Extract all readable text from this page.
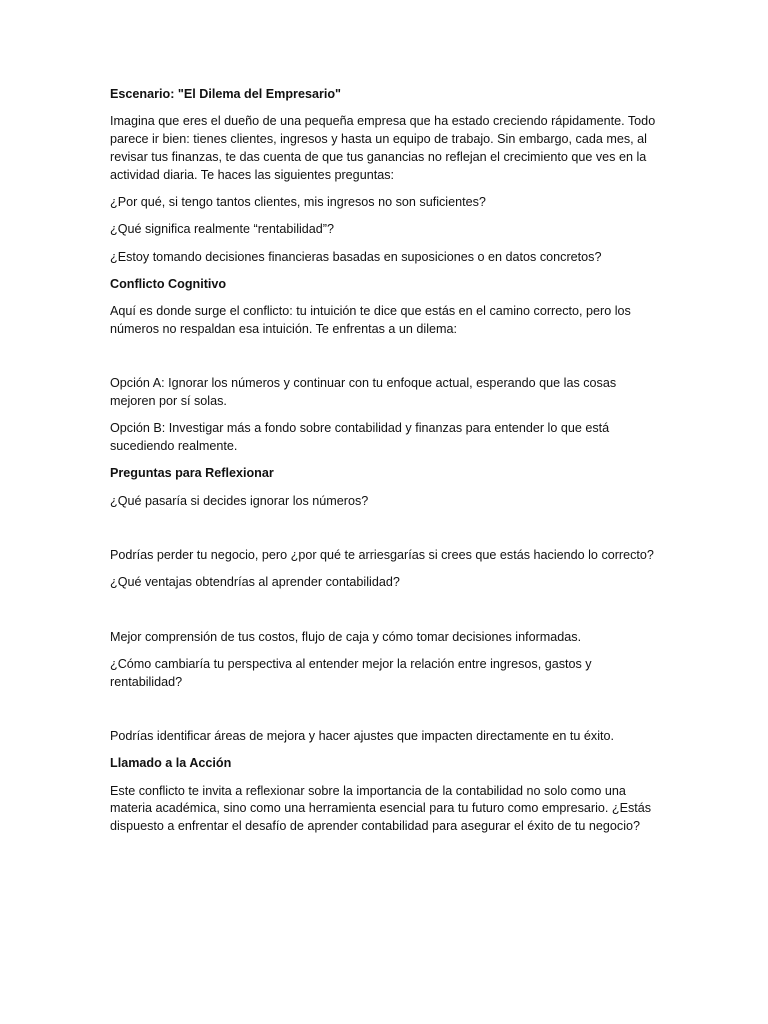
Escenario: "El Dilema del Empresario"

Imagina que eres el dueño de una pequeña empresa que ha estado creciendo rápidamente. Todo parece ir bien: tienes clientes, ingresos y hasta un equipo de trabajo. Sin embargo, cada mes, al revisar tus finanzas, te das cuenta de que tus ganancias no reflejan el crecimiento que ves en la actividad diaria. Te haces las siguientes preguntas:

¿Por qué, si tengo tantos clientes, mis ingresos no son suficientes?

¿Qué significa realmente “rentabilidad”?

¿Estoy tomando decisiones financieras basadas en suposiciones o en datos concretos?

Conflicto Cognitivo

Aquí es donde surge el conflicto: tu intuición te dice que estás en el camino correcto, pero los números no respaldan esa intuición. Te enfrentas a un dilema:

Opción A: Ignorar los números y continuar con tu enfoque actual, esperando que las cosas mejoren por sí solas.

Opción B: Investigar más a fondo sobre contabilidad y finanzas para entender lo que está sucediendo realmente.

Preguntas para Reflexionar

¿Qué pasaría si decides ignorar los números?

Podrías perder tu negocio, pero ¿por qué te arriesgarías si crees que estás haciendo lo correcto?

¿Qué ventajas obtendrías al aprender contabilidad?

Mejor comprensión de tus costos, flujo de caja y cómo tomar decisiones informadas.

¿Cómo cambiaría tu perspectiva al entender mejor la relación entre ingresos, gastos y rentabilidad?

Podrías identificar áreas de mejora y hacer ajustes que impacten directamente en tu éxito.

Llamado a la Acción

Este conflicto te invita a reflexionar sobre la importancia de la contabilidad no solo como una materia académica, sino como una herramienta esencial para tu futuro como empresario. ¿Estás dispuesto a enfrentar el desafío de aprender contabilidad para asegurar el éxito de tu negocio?
